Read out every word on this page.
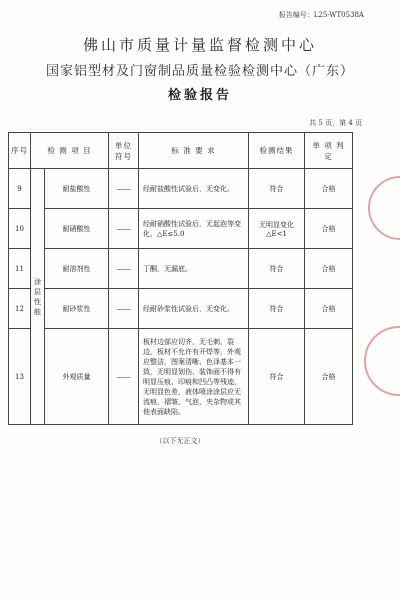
报告编号：L25-WT0538A
佛山市质量计量监督检测中心
国家铝型材及门窗制品质量检验检测中心（广东）
检验报告
共 5 页，第 4 页
序号	检 测 项 目		单位符号	标 准 要 求	检测结果	单 项 判 定
9	涂层性能	耐盐酸性	——	经耐盐酸性试验后，无变化。	符合	合格
10		耐硝酸性	——	经耐硝酸性试验后，无起泡等变化，△E≤5.0	无明显变化 △E<1	合格
11		耐溶剂性	——	丁酮，无漏底。	符合	合格
12		耐砂浆性	——	经耐砂浆性试验后，无变化。	符合	合格
13		外观质量	——	板材边部应切齐，无毛刺、裂边，板材不允许有开焊等，外观应整洁，图案清晰、色泽基本一致，无明显划伤、装饰面不得有明显压痕、印痕和凹凸等残迹，无明显色差，液体喷涂涂层应无流痕、褶皱、气泡、夹杂物或其他表面缺陷。	符合	合格
（以下无正文）
